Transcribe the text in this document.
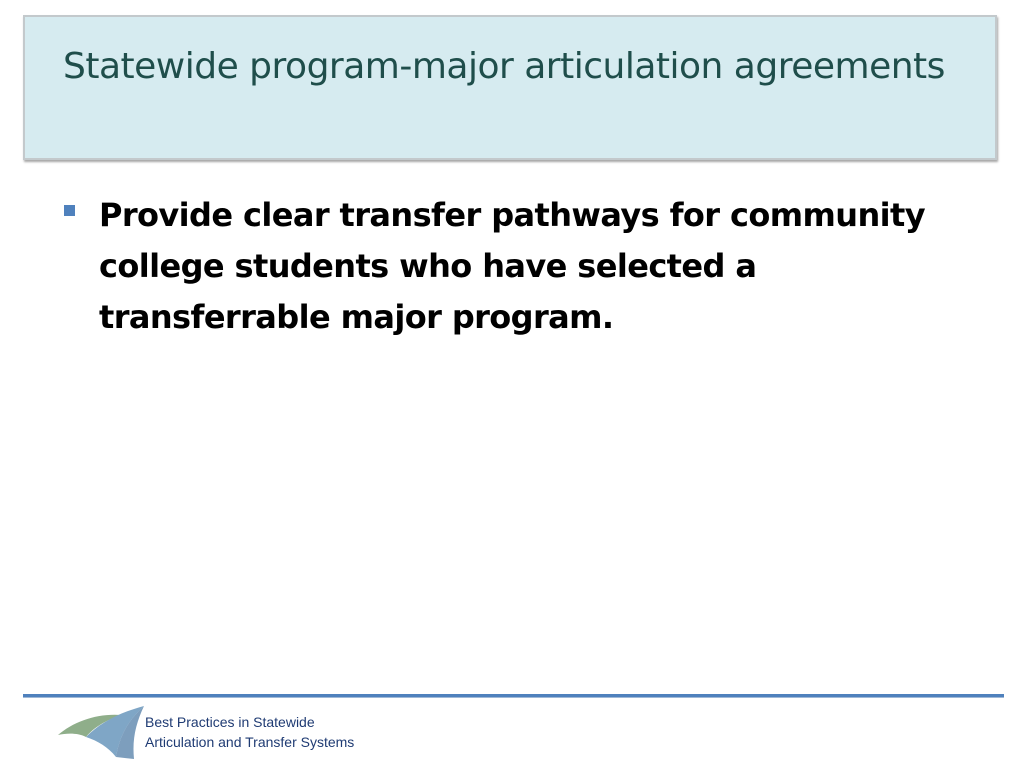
Statewide program-major articulation agreements
Provide clear transfer pathways for community college students who have selected a transferrable major program.
Best Practices in Statewide
Articulation and Transfer Systems
